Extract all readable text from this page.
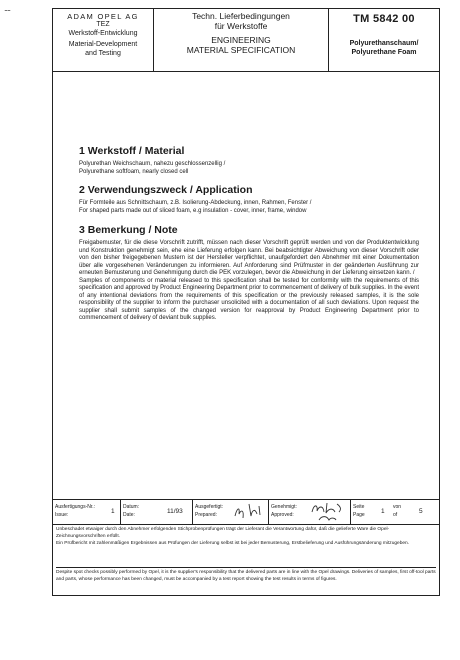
....
ADAM OPEL AG
TEZ
Werkstoff-Entwicklung
Material-Development
and Testing
Techn. Lieferbedingungen
für Werkstoffe
ENGINEERING
MATERIAL SPECIFICATION
TM 5842 00
Polyurethanschaum/
Polyurethane Foam
1 Werkstoff / Material

Polyurethan Weichschaum, nahezu geschlossenzellig /

Polyurethane softfoam, nearly closed cell

2 Verwendungszweck / Application

Für Formteile aus Schnittschaum, z.B. Isolierung-Abdeckung, innen, Rahmen, Fenster /

For shaped parts made out of sliced foam, e.g insulation - cover, inner, frame, window

3 Bemerkung / Note

Freigabemuster, für die diese Vorschrift zutrifft, müssen nach dieser Vorschrift geprüft werden und von der Produktentwicklung und Konstruktion genehmigt sein, ehe eine Lieferung erfolgen kann. Bei beabsichtigter Abweichung von dieser Vorschrift oder von den bisher freigegebenen Mustern ist der Hersteller verpflichtet, unaufgefordert den Abnehmer mit einer Dokumentation über alle vorgesehenen Veränderungen zu informieren. Auf Anforderung sind Prüfmuster in der geänderten Ausführung zur erneuten Bemusterung und Genehmigung durch die PEK vorzulegen, bevor die Abweichung in der Lieferung einsetzen kann. /

Samples of components or material released to this specification shall be tested for conformity with the requirements of this specification and approved by Product Engineering Department prior to commencement of delivery of bulk supplies. In the event of any intentional deviations from the requirements of this specification or the previously released samples, it is the sole responsibility of the supplier to inform the purchaser unsolicited with a documentation of all such deviations. Upon request the supplier shall submit samples of the changed version for reapproval by Product Engineering Department prior to commencement of delivery of deviant bulk supplies.

Ausfertigungs-Nr.:
Issue:	1
Datum:
Date:	11/93
Ausgefertigt:
Prepared:
Genehmigt:
Approved:
Seite
Page	1
von
of	5
Unbeschadet etwaiger durch den Abnehmer erfolgenden Stichprobenprüfungen trägt der Lieferant die Verantwortung dafür, daß die gelieferte Ware die Opel-Zeichnungsvorschriften erfüllt.
Ein Prüfbericht mit zahlenmäßigen Ergebnissen aus Prüfungen der Lieferung selbst ist bei jeder Bemusterung, Erstbelieferung und Ausführungsänderung mitzugeben.
Despite spot checks possibly performed by Opel, it is the supplier's responsibility that the delivered parts are in line with the Opel drawings. Deliveries of samples, first off-tool parts and parts, whose performance has been changed, must be accompanied by a test report showing the test results in terms of figures.
